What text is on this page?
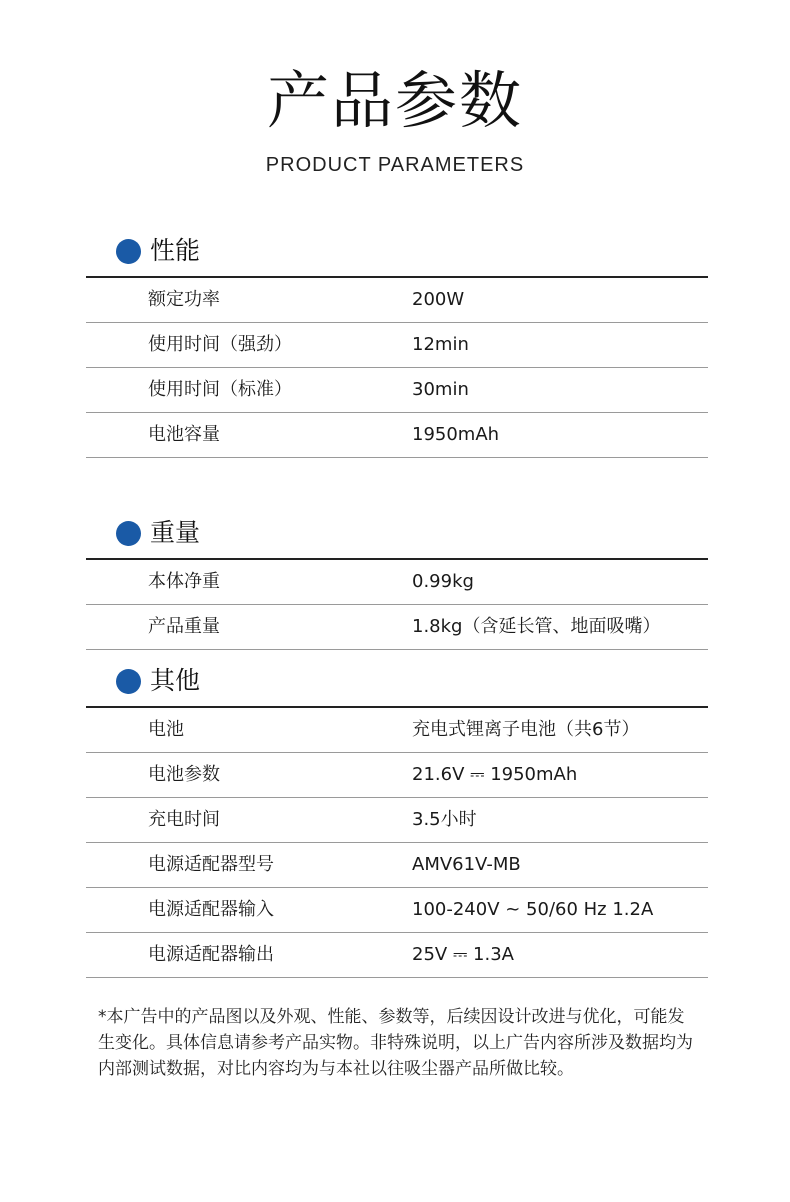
产品参数
PRODUCT PARAMETERS
性能
额定功率	200W
使用时间（强劲）	12min
使用时间（标准）	30min
电池容量	1950mAh
重量
本体净重	0.99kg
产品重量	1.8kg（含延长管、地面吸嘴）
其他
电池	充电式锂离子电池（共6节）
电池参数	21.6V ⎓ 1950mAh
充电时间	3.5小时
电源适配器型号	AMV61V-MB
电源适配器输入	100-240V ~ 50/60 Hz 1.2A
电源适配器输出	25V ⎓ 1.3A
*本广告中的产品图以及外观、性能、参数等，后续因设计改进与优化，可能发生变化。具体信息请参考产品实物。非特殊说明，以上广告内容所涉及数据均为内部测试数据，对比内容均为与本社以往吸尘器产品所做比较。
